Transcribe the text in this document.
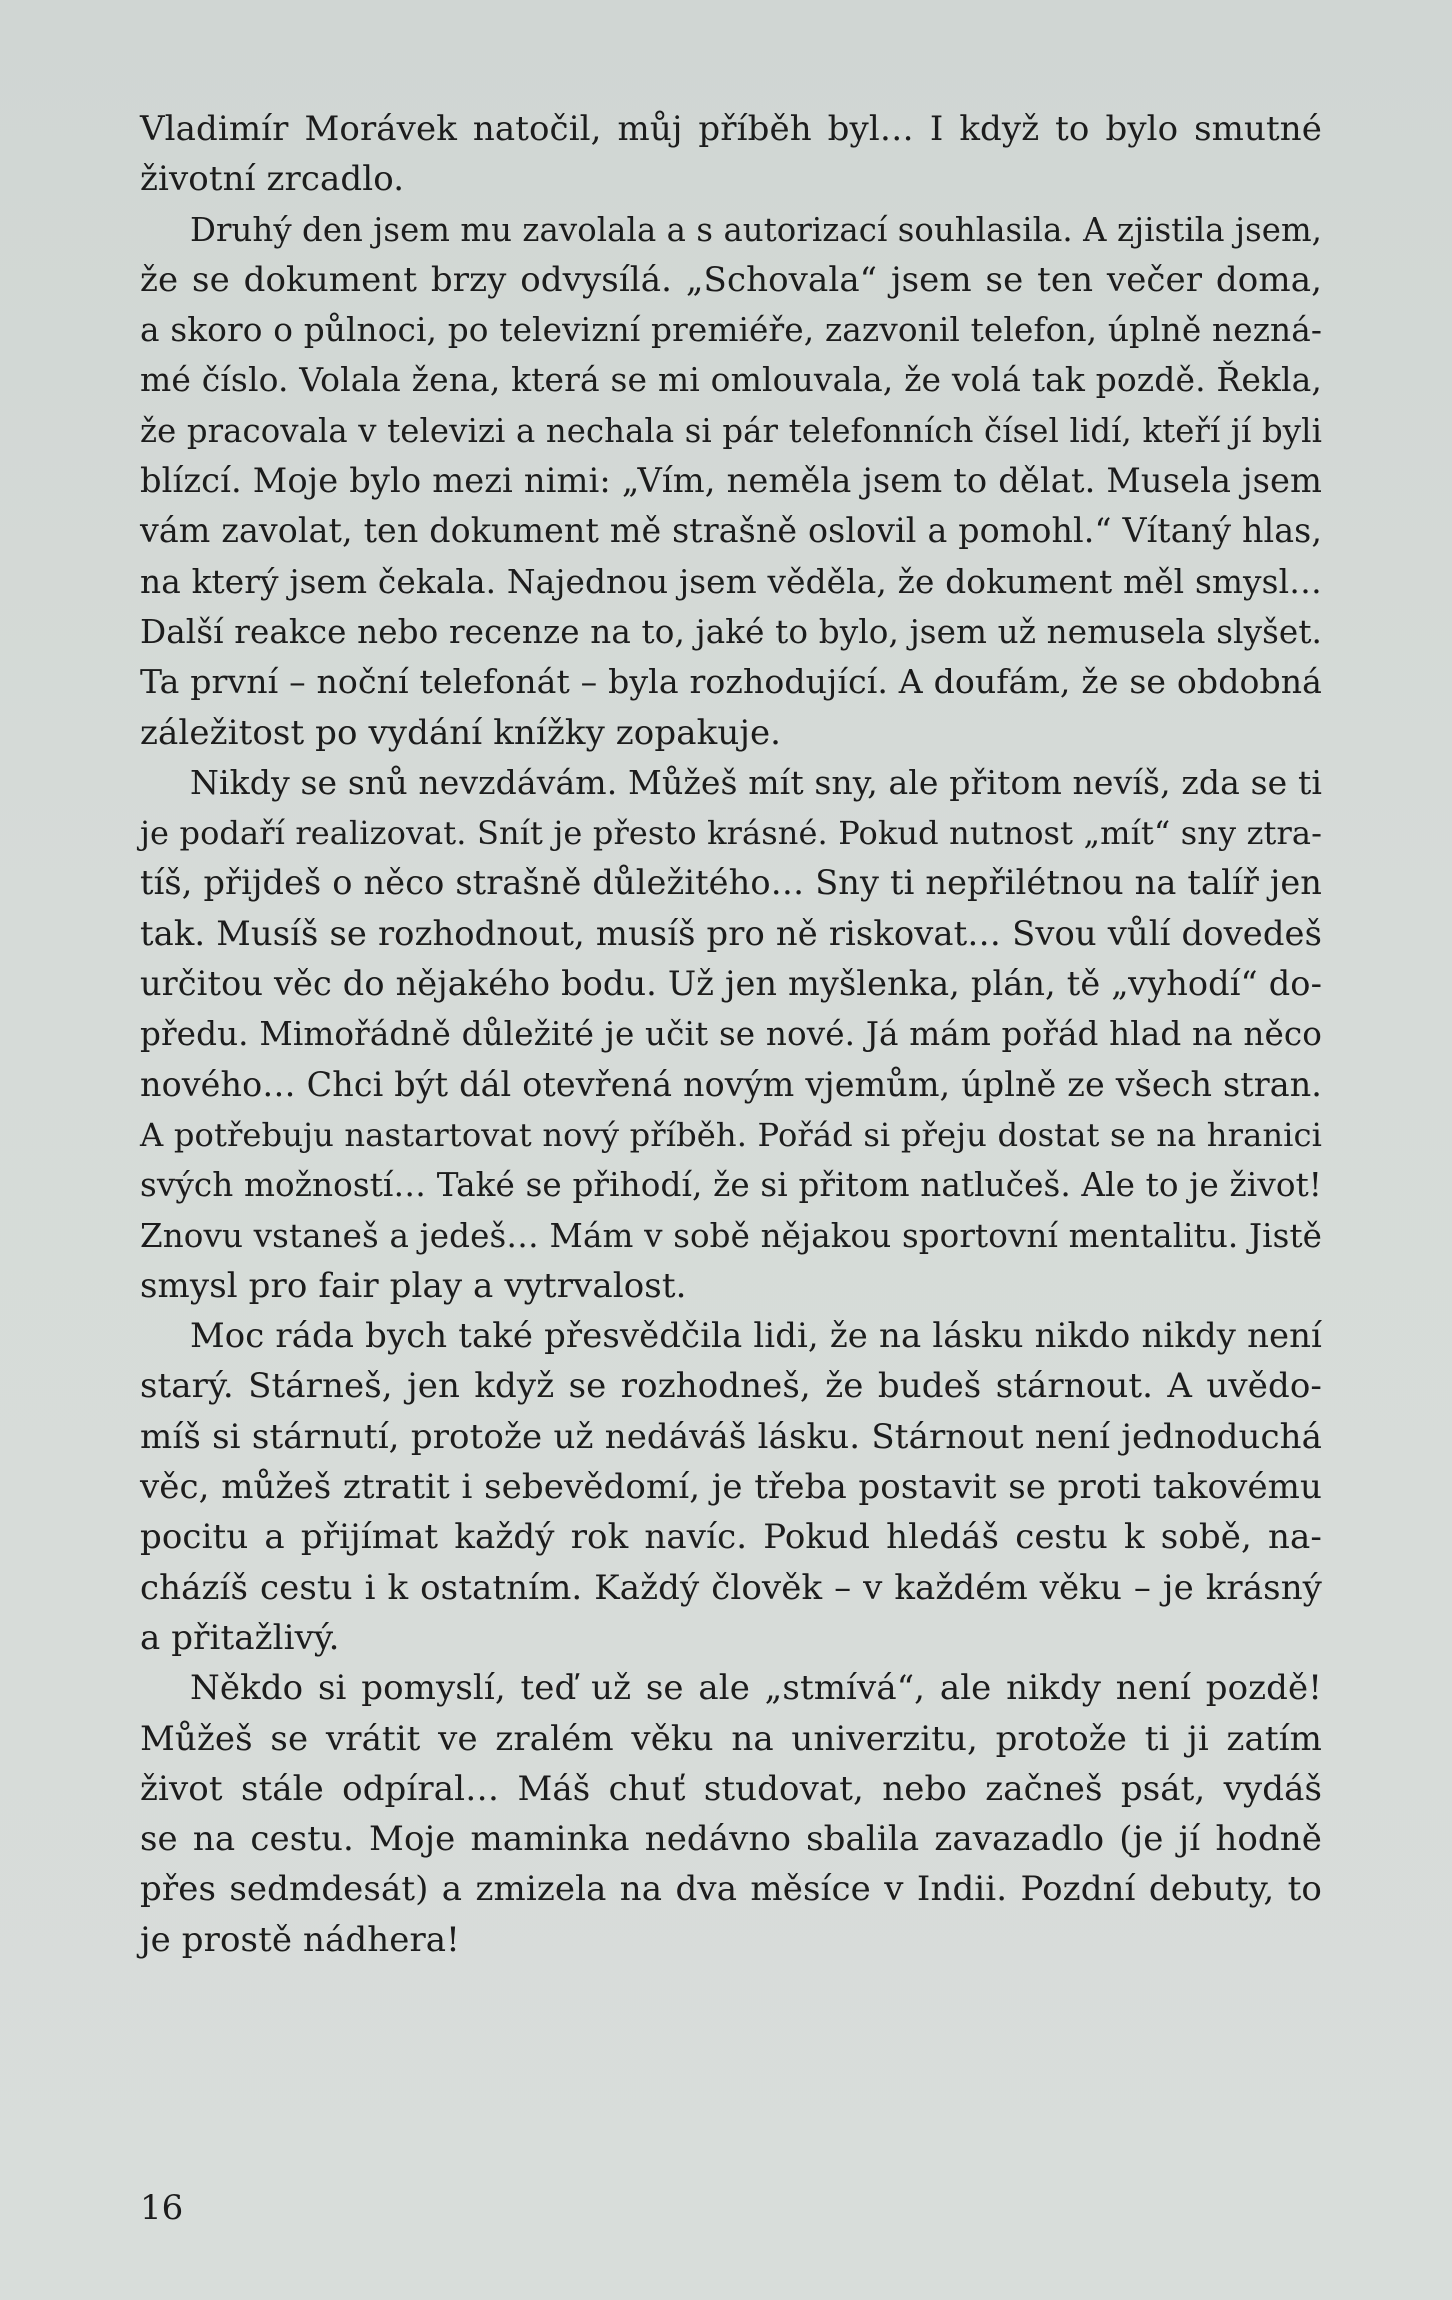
Vladimír Morávek natočil, můj příběh byl… I když to bylo smutné
životní zrcadlo.
Druhý den jsem mu zavolala a s autorizací souhlasila. A zjistila jsem,
že se dokument brzy odvysílá. „Schovala“ jsem se ten večer doma,
a skoro o půlnoci, po televizní premiéře, zazvonil telefon, úplně nezná-
mé číslo. Volala žena, která se mi omlouvala, že volá tak pozdě. Řekla,
že pracovala v televizi a nechala si pár telefonních čísel lidí, kteří jí byli
blízcí. Moje bylo mezi nimi: „Vím, neměla jsem to dělat. Musela jsem
vám zavolat, ten dokument mě strašně oslovil a pomohl.“ Vítaný hlas,
na který jsem čekala. Najednou jsem věděla, že dokument měl smysl…
Další reakce nebo recenze na to, jaké to bylo, jsem už nemusela slyšet.
Ta první – noční telefonát – byla rozhodující. A doufám, že se obdobná
záležitost po vydání knížky zopakuje.
Nikdy se snů nevzdávám. Můžeš mít sny, ale přitom nevíš, zda se ti
je podaří realizovat. Snít je přesto krásné. Pokud nutnost „mít“ sny ztra-
tíš, přijdeš o něco strašně důležitého… Sny ti nepřilétnou na talíř jen
tak. Musíš se rozhodnout, musíš pro ně riskovat… Svou vůlí dovedeš
určitou věc do nějakého bodu. Už jen myšlenka, plán, tě „vyhodí“ do-
předu. Mimořádně důležité je učit se nové. Já mám pořád hlad na něco
nového… Chci být dál otevřená novým vjemům, úplně ze všech stran.
A potřebuju nastartovat nový příběh. Pořád si přeju dostat se na hranici
svých možností… Také se přihodí, že si přitom natlučeš. Ale to je život!
Znovu vstaneš a jedeš… Mám v sobě nějakou sportovní mentalitu. Jistě
smysl pro fair play a vytrvalost.
Moc ráda bych také přesvědčila lidi, že na lásku nikdo nikdy není
starý. Stárneš, jen když se rozhodneš, že budeš stárnout. A uvědo-
míš si stárnutí, protože už nedáváš lásku. Stárnout není jednoduchá
věc, můžeš ztratit i sebevědomí, je třeba postavit se proti takovému
pocitu a přijímat každý rok navíc. Pokud hledáš cestu k sobě, na-
cházíš cestu i k ostatním. Každý člověk – v každém věku – je krásný
a přitažlivý.
Někdo si pomyslí, teď už se ale „stmívá“, ale nikdy není pozdě!
Můžeš se vrátit ve zralém věku na univerzitu, protože ti ji zatím
život stále odpíral… Máš chuť studovat, nebo začneš psát, vydáš
se na cestu. Moje maminka nedávno sbalila zavazadlo (je jí hodně
přes sedmdesát) a zmizela na dva měsíce v Indii. Pozdní debuty, to
je prostě nádhera!
16
